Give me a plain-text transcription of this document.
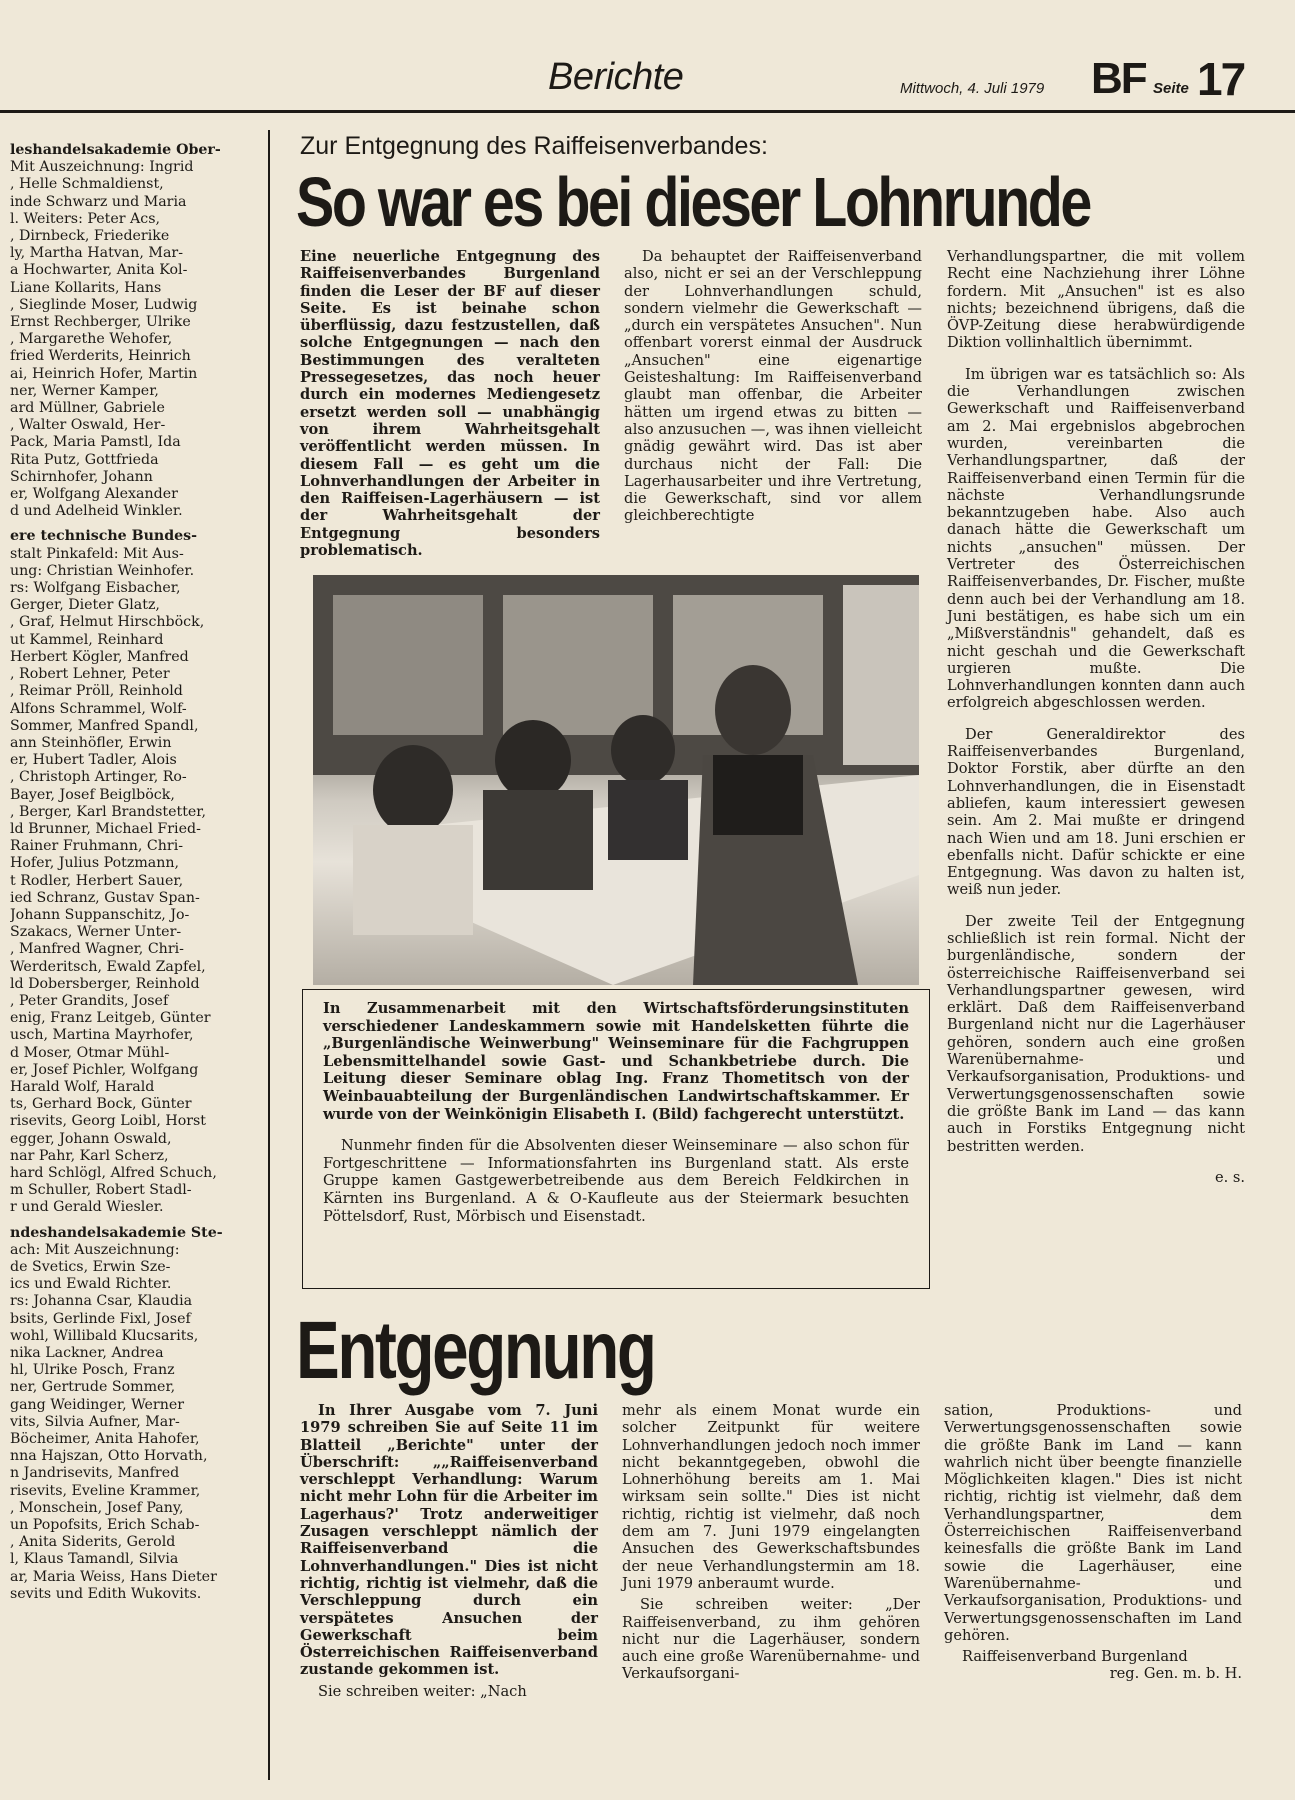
Berichte	Mittwoch, 4. Juli 1979 BF Seite 17

leshandelsakademie Ober-
Mit Auszeichnung: Ingrid
, Helle Schmaldienst,
inde Schwarz und Maria
l. Weiters: Peter Acs,
, Dirnbeck, Friederike
ly, Martha Hatvan, Mar-
a Hochwarter, Anita Kol-
Liane Kollarits, Hans
, Sieglinde Moser, Ludwig
Ernst Rechberger, Ulrike
, Margarethe Wehofer,
fried Werderits, Heinrich
ai, Heinrich Hofer, Martin
ner, Werner Kamper,
ard Müllner, Gabriele
, Walter Oswald, Her-
Pack, Maria Pamstl, Ida
Rita Putz, Gottfrieda
Schirnhofer, Johann
er, Wolfgang Alexander
d und Adelheid Winkler.

ere technische Bundes-
stalt Pinkafeld: Mit Aus-
ung: Christian Weinhofer.
rs: Wolfgang Eisbacher,
Gerger, Dieter Glatz,
, Graf, Helmut Hirschböck,
ut Kammel, Reinhard
Herbert Kögler, Manfred
, Robert Lehner, Peter
, Reimar Pröll, Reinhold
Alfons Schrammel, Wolf-
Sommer, Manfred Spandl,
ann Steinhöfler, Erwin
er, Hubert Tadler, Alois
, Christoph Artinger, Ro-
Bayer, Josef Beiglböck,
, Berger, Karl Brandstetter,
ld Brunner, Michael Fried-
Rainer Fruhmann, Chri-
Hofer, Julius Potzmann,
t Rodler, Herbert Sauer,
ied Schranz, Gustav Span-
Johann Suppanschitz, Jo-
Szakacs, Werner Unter-
, Manfred Wagner, Chri-
Werderitsch, Ewald Zapfel,
ld Dobersberger, Reinhold
, Peter Grandits, Josef
enig, Franz Leitgeb, Günter
usch, Martina Mayrhofer,
d Moser, Otmar Mühl-
er, Josef Pichler, Wolfgang
Harald Wolf, Harald
ts, Gerhard Bock, Günter
risevits, Georg Loibl, Horst
egger, Johann Oswald,
nar Pahr, Karl Scherz,
hard Schlögl, Alfred Schuch,
m Schuller, Robert Stadl-
r und Gerald Wiesler.

ndeshandelsakademie Ste-
ach: Mit Auszeichnung:
de Svetics, Erwin Sze-
ics und Ewald Richter.
rs: Johanna Csar, Klaudia
bsits, Gerlinde Fixl, Josef
wohl, Willibald Klucsarits,
nika Lackner, Andrea
hl, Ulrike Posch, Franz
ner, Gertrude Sommer,
gang Weidinger, Werner
vits, Silvia Aufner, Mar-
Böcheimer, Anita Hahofer,
nna Hajszan, Otto Horvath,
n Jandrisevits, Manfred
risevits, Eveline Krammer,
, Monschein, Josef Pany,
un Popofsits, Erich Schab-
, Anita Siderits, Gerold
l, Klaus Tamandl, Silvia
ar, Maria Weiss, Hans Dieter
sevits und Edith Wukovits.

Zur Entgegnung des Raiffeisenverbandes:
So war es bei dieser Lohnrunde

Eine neuerliche Entgegnung des Raiffeisenverbandes Burgenland finden die Leser der BF auf dieser Seite. Es ist beinahe schon überflüssig, dazu festzustellen, daß solche Entgegnungen — nach den Bestimmungen des veralteten Pressegesetzes, das noch heuer durch ein modernes Mediengesetz ersetzt werden soll — unabhängig von ihrem Wahrheitsgehalt veröffentlicht werden müssen. In diesem Fall — es geht um die Lohnverhandlungen der Arbeiter in den Raiffeisen-Lagerhäusern — ist der Wahrheitsgehalt der Entgegnung besonders problematisch.

Da behauptet der Raiffeisenverband also, nicht er sei an der Verschleppung der Lohnverhandlungen schuld, sondern vielmehr die Gewerkschaft — „durch ein verspätetes Ansuchen". Nun offenbart vorerst einmal der Ausdruck „Ansuchen" eine eigenartige Geisteshaltung: Im Raiffeisenverband glaubt man offenbar, die Arbeiter hätten um irgend etwas zu bitten — also anzusuchen —, was ihnen vielleicht gnädig gewährt wird. Das ist aber durchaus nicht der Fall: Die Lagerhausarbeiter und ihre Vertretung, die Gewerkschaft, sind vor allem gleichberechtigte

Verhandlungspartner, die mit vollem Recht eine Nachziehung ihrer Löhne fordern. Mit „Ansuchen" ist es also nichts; bezeichnend übrigens, daß die ÖVP-Zeitung diese herabwürdigende Diktion vollinhaltlich übernimmt.

Im übrigen war es tatsächlich so: Als die Verhandlungen zwischen Gewerkschaft und Raiffeisenverband am 2. Mai ergebnislos abgebrochen wurden, vereinbarten die Verhandlungspartner, daß der Raiffeisenverband einen Termin für die nächste Verhandlungsrunde bekanntzugeben habe. Also auch danach hätte die Gewerkschaft um nichts „ansuchen" müssen. Der Vertreter des Österreichischen Raiffeisenverbandes, Dr. Fischer, mußte denn auch bei der Verhandlung am 18. Juni bestätigen, es habe sich um ein „Mißverständnis" gehandelt, daß es nicht geschah und die Gewerkschaft urgieren mußte. Die Lohnverhandlungen konnten dann auch erfolgreich abgeschlossen werden.

Der Generaldirektor des Raiffeisenverbandes Burgenland, Doktor Forstik, aber dürfte an den Lohnverhandlungen, die in Eisenstadt abliefen, kaum interessiert gewesen sein. Am 2. Mai mußte er dringend nach Wien und am 18. Juni erschien er ebenfalls nicht. Dafür schickte er eine Entgegnung. Was davon zu halten ist, weiß nun jeder.

Der zweite Teil der Entgegnung schließlich ist rein formal. Nicht der burgenländische, sondern der österreichische Raiffeisenverband sei Verhandlungspartner gewesen, wird erklärt. Daß dem Raiffeisenverband Burgenland nicht nur die Lagerhäuser gehören, sondern auch eine großen Warenübernahme- und Verkaufsorganisation, Produktions- und Verwertungsgenossenschaften sowie die größte Bank im Land — das kann auch in Forstiks Entgegnung nicht bestritten werden.

e. s.

In Zusammenarbeit mit den Wirtschaftsförderungsinstituten verschiedener Landeskammern sowie mit Handelsketten führte die „Burgenländische Weinwerbung" Weinseminare für die Fachgruppen Lebensmittelhandel sowie Gast- und Schankbetriebe durch. Die Leitung dieser Seminare oblag Ing. Franz Thometitsch von der Weinbauabteilung der Burgenländischen Landwirtschaftskammer. Er wurde von der Weinkönigin Elisabeth I. (Bild) fachgerecht unterstützt.

Nunmehr finden für die Absolventen dieser Weinseminare — also schon für Fortgeschrittene — Informationsfahrten ins Burgenland statt. Als erste Gruppe kamen Gastgewerbetreibende aus dem Bereich Feldkirchen in Kärnten ins Burgenland. A & O-Kaufleute aus der Steiermark besuchten Pöttelsdorf, Rust, Mörbisch und Eisenstadt.

Entgegnung

In Ihrer Ausgabe vom 7. Juni 1979 schreiben Sie auf Seite 11 im Blatteil „Berichte" unter der Überschrift: „„Raiffeisenverband verschleppt Verhandlung: Warum nicht mehr Lohn für die Arbeiter im Lagerhaus?' Trotz anderweitiger Zusagen verschleppt nämlich der Raiffeisenverband die Lohnverhandlungen." Dies ist nicht richtig, richtig ist vielmehr, daß die Verschleppung durch ein verspätetes Ansuchen der Gewerkschaft beim Österreichischen Raiffeisenverband zustande gekommen ist.

Sie schreiben weiter: „Nach

mehr als einem Monat wurde ein solcher Zeitpunkt für weitere Lohnverhandlungen jedoch noch immer nicht bekanntgegeben, obwohl die Lohnerhöhung bereits am 1. Mai wirksam sein sollte." Dies ist nicht richtig, richtig ist vielmehr, daß noch dem am 7. Juni 1979 eingelangten Ansuchen des Gewerkschaftsbundes der neue Verhandlungstermin am 18. Juni 1979 anberaumt wurde.

Sie schreiben weiter: „Der Raiffeisenverband, zu ihm gehören nicht nur die Lagerhäuser, sondern auch eine große Warenübernahme- und Verkaufsorgani-

sation, Produktions- und Verwertungsgenossenschaften sowie die größte Bank im Land — kann wahrlich nicht über beengte finanzielle Möglichkeiten klagen." Dies ist nicht richtig, richtig ist vielmehr, daß dem Verhandlungspartner, dem Österreichischen Raiffeisenverband keinesfalls die größte Bank im Land sowie die Lagerhäuser, eine Warenübernahme- und Verkaufsorganisation, Produktions- und Verwertungsgenossenschaften im Land gehören.

Raiffeisenverband Burgenland

reg. Gen. m. b. H.
